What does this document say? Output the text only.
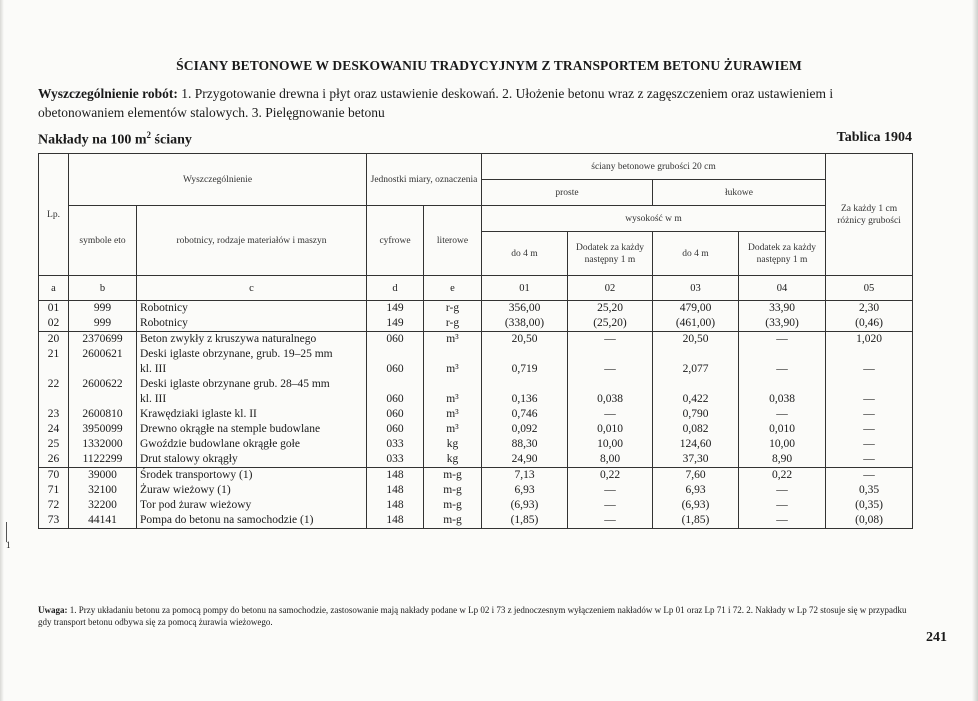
1
ŚCIANY BETONOWE W DESKOWANIU TRADYCYJNYM Z TRANSPORTEM BETONU ŻURAWIEM
Wyszczególnienie robót: 1. Przygotowanie drewna i płyt oraz ustawienie deskowań. 2. Ułożenie betonu wraz z zagęszczeniem oraz ustawieniem i obetonowaniem elementów stalowych. 3. Pielęgnowanie betonu
Nakłady na 100 $m^2$ ściany	Tablica 1904
Lp.	Wyszczególnienie		Jednostki miary, oznaczenia		ściany betonowe grubości 20 cm				Za każdy 1 cm różnicy grubości
					proste		łukowe		
	symbole eto	robotnicy, rodzaje materiałów i maszyn	cyfrowe	literowe	wysokość w m				
					do 4 m	Dodatek za każdy następny 1 m	do 4 m	Dodatek za każdy następny 1 m	
a	b	c	d	e	01	02	03	04	05
01	999	Robotnicy	149	r-g	356,00	25,20	479,00	33,90	2,30
02	999	Robotnicy	149	r-g	(338,00)	(25,20)	(461,00)	(33,90)	(0,46)
20	2370699	Beton zwykły z kruszywa naturalnego	060	m³	20,50	—	20,50	—	1,020
21	2600621	Deski iglaste obrzynane, grub. 19–25 mm							
		kl. III	060	m³	0,719	—	2,077	—	—
22	2600622	Deski iglaste obrzynane grub. 28–45 mm							
		kl. III	060	m³	0,136	0,038	0,422	0,038	—
23	2600810	Krawędziaki iglaste kl. II	060	m³	0,746	—	0,790	—	—
24	3950099	Drewno okrągłe na stemple budowlane	060	m³	0,092	0,010	0,082	0,010	—
25	1332000	Gwoździe budowlane okrągłe gołe	033	kg	88,30	10,00	124,60	10,00	—
26	1122299	Drut stalowy okrągły	033	kg	24,90	8,00	37,30	8,90	—
70	39000	Środek transportowy (1)	148	m-g	7,13	0,22	7,60	0,22	—
71	32100	Żuraw wieżowy (1)	148	m-g	6,93	—	6,93	—	0,35
72	32200	Tor pod żuraw wieżowy	148	m-g	(6,93)	—	(6,93)	—	(0,35)
73	44141	Pompa do betonu na samochodzie (1)	148	m-g	(1,85)	—	(1,85)	—	(0,08)
Uwaga: 1. Przy układaniu betonu za pomocą pompy do betonu na samochodzie, zastosowanie mają nakłady podane w Lp 02 i 73 z jednoczesnym wyłączeniem nakładów w Lp 01 oraz Lp 71 i 72. 2. Nakłady w Lp 72 stosuje się w przypadku gdy transport betonu odbywa się za pomocą żurawia wieżowego.
241
